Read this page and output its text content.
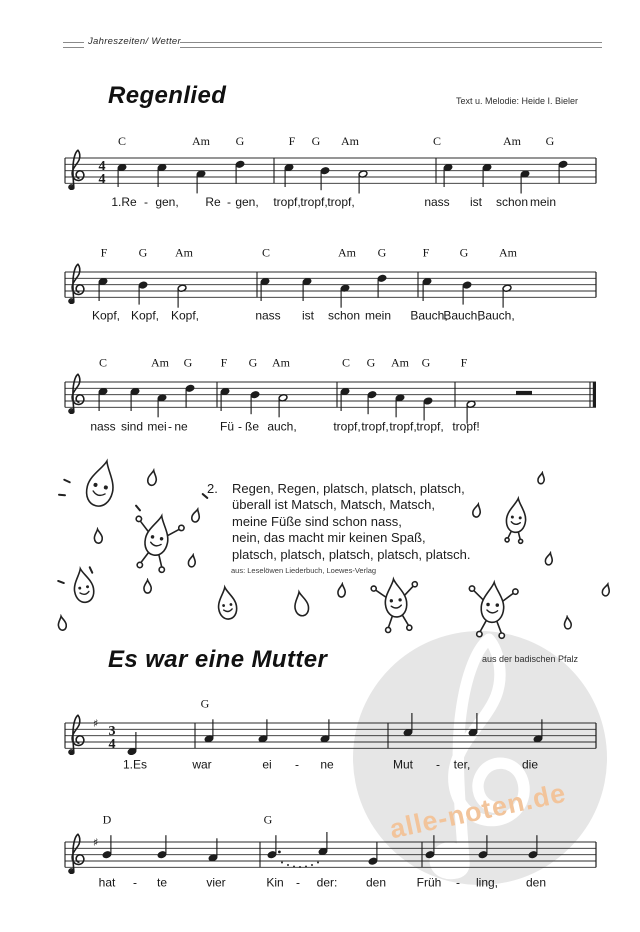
alle-noten.de
Jahreszeiten/ Wetter
Regenlied	Text u. Melodie: Heide I. Bieler
Es war eine Mutter	aus der badischen Pfalz
2. Regen, Regen, platsch, platsch, platsch,
überall ist Matsch, Matsch, Matsch,
meine Füße sind schon nass,
nein, das macht mir keinen Spaß,
platsch, platsch, platsch, platsch, platsch.
aus: Leselöwen Liederbuch, Loewes-Verlag
4
4
C	Am G	F G Am	C	Am G
1.Re - gen, Re - gen, tropf, tropf, tropf,	nass ist schon mein
F	G Am	C	Am G	F	G	Am
Kopf, Kopf, Kopf,	nass ist schon mein Bauch,
Bauch,
Bauch,
C	Am G F G Am	C G Am G	F
nass sind mei - ne	Fü - ße auch,	tropf, tropf, tropf, tropf, tropf!
♯
3
4
G
1.Es	war	ei - ne	Mut - ter,	die
♯
D	G
hat - te	vier	Kin - der: den	Früh - ling, den
